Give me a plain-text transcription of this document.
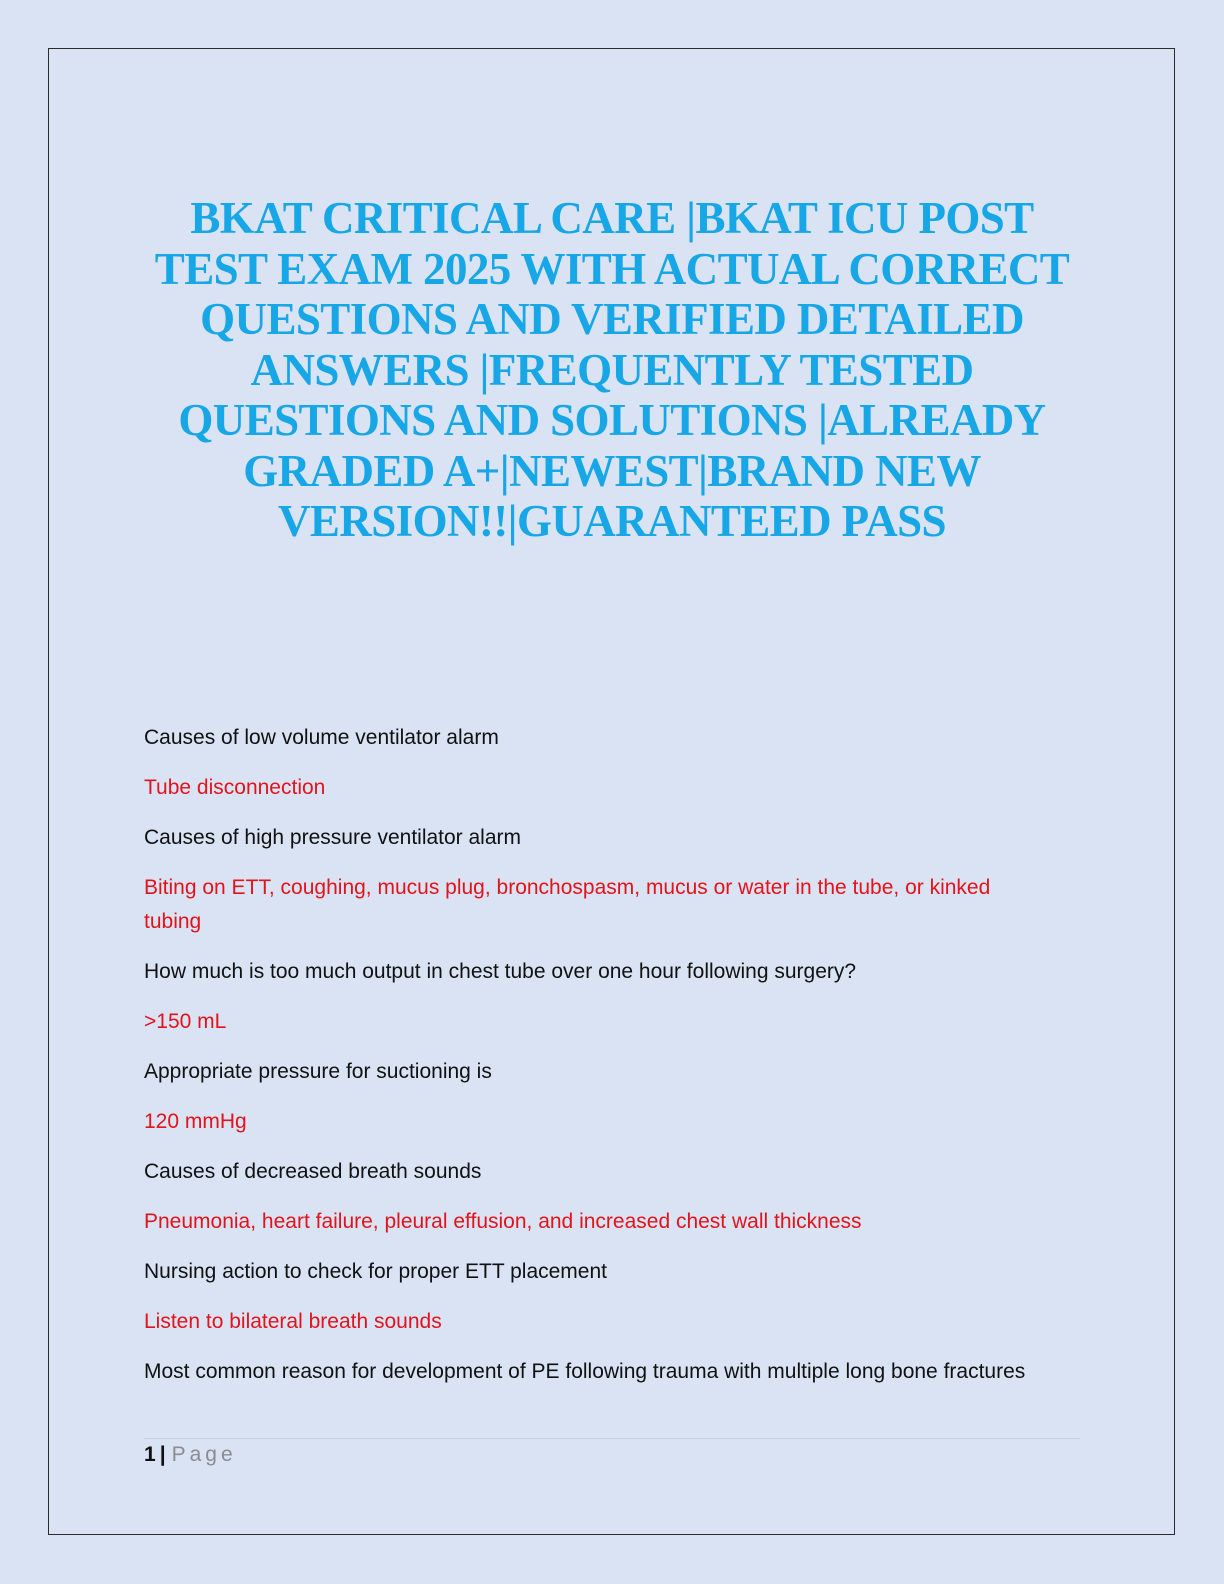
BKAT CRITICAL CARE |BKAT ICU POST TEST EXAM 2025 WITH ACTUAL CORRECT QUESTIONS AND VERIFIED DETAILED ANSWERS |FREQUENTLY TESTED QUESTIONS AND SOLUTIONS |ALREADY GRADED A+|NEWEST|BRAND NEW VERSION!!|GUARANTEED PASS

Causes of low volume ventilator alarm

Tube disconnection

Causes of high pressure ventilator alarm

Biting on ETT, coughing, mucus plug, bronchospasm, mucus or water in the tube, or kinked tubing

How much is too much output in chest tube over one hour following surgery?

>150 mL

Appropriate pressure for suctioning is

120 mmHg

Causes of decreased breath sounds

Pneumonia, heart failure, pleural effusion, and increased chest wall thickness

Nursing action to check for proper ETT placement

Listen to bilateral breath sounds

Most common reason for development of PE following trauma with multiple long bone fractures

1 | Page
